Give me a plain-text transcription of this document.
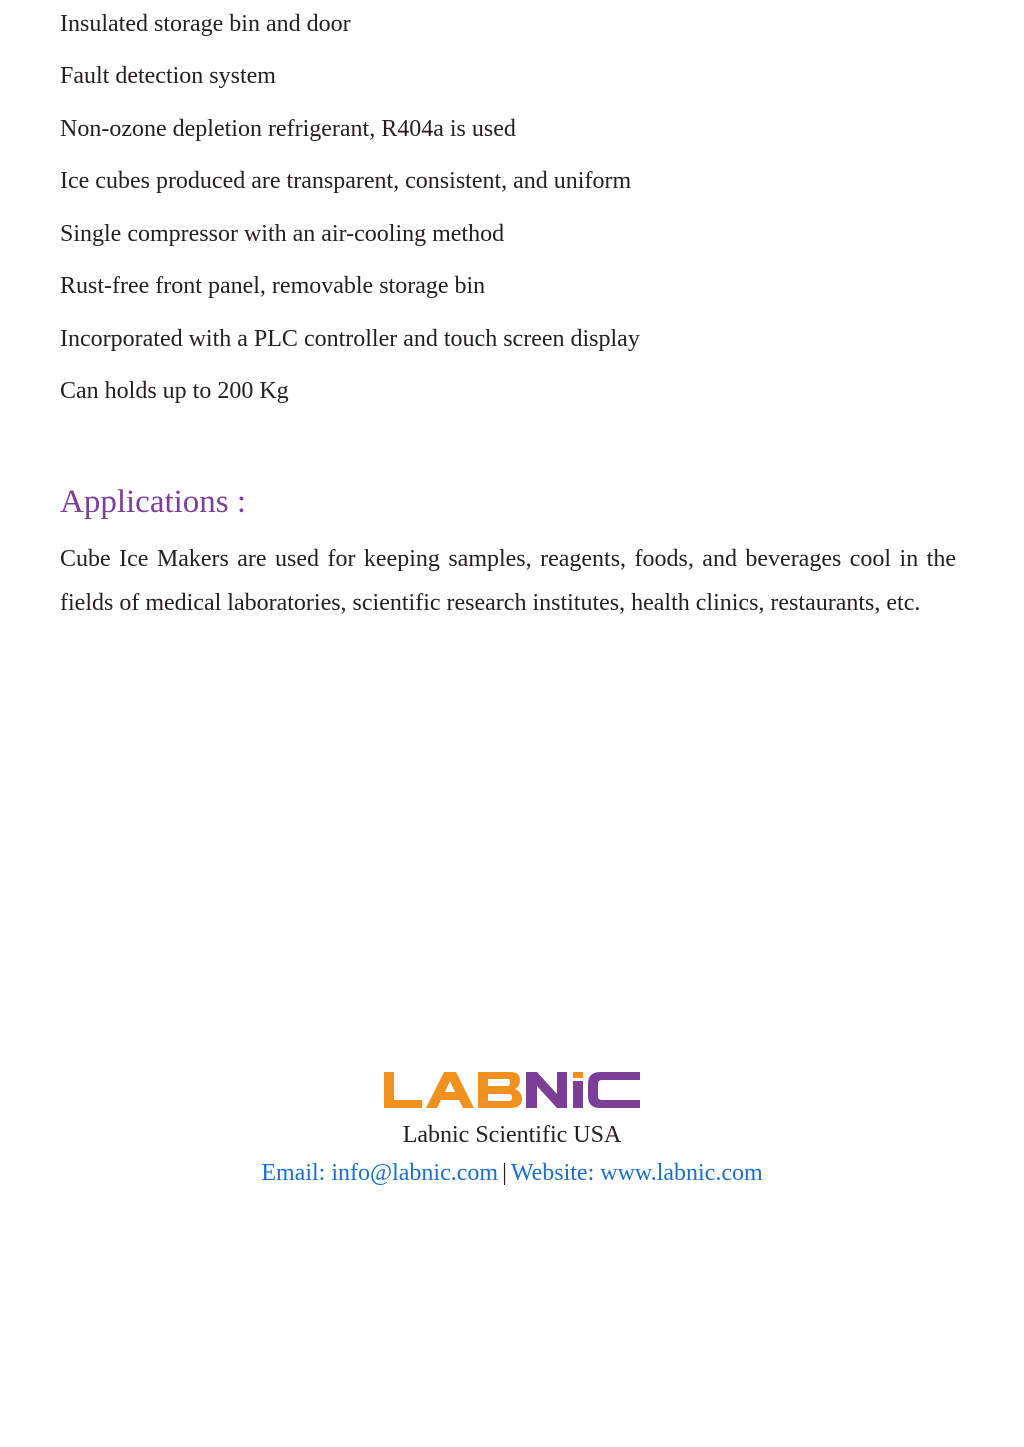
Insulated storage bin and door
Fault detection system
Non-ozone depletion refrigerant, R404a is used
Ice cubes produced are transparent, consistent, and uniform
Single compressor with an air-cooling method
Rust-free front panel, removable storage bin
Incorporated with a PLC controller and touch screen display
Can holds up to 200 Kg
Applications :

Cube Ice Makers are used for keeping samples, reagents, foods, and beverages cool in the fields of medical laboratories, scientific research institutes, health clinics, restaurants, etc.

Labnic Scientific USA
Email: info@labnic.com | Website: www.labnic.com
